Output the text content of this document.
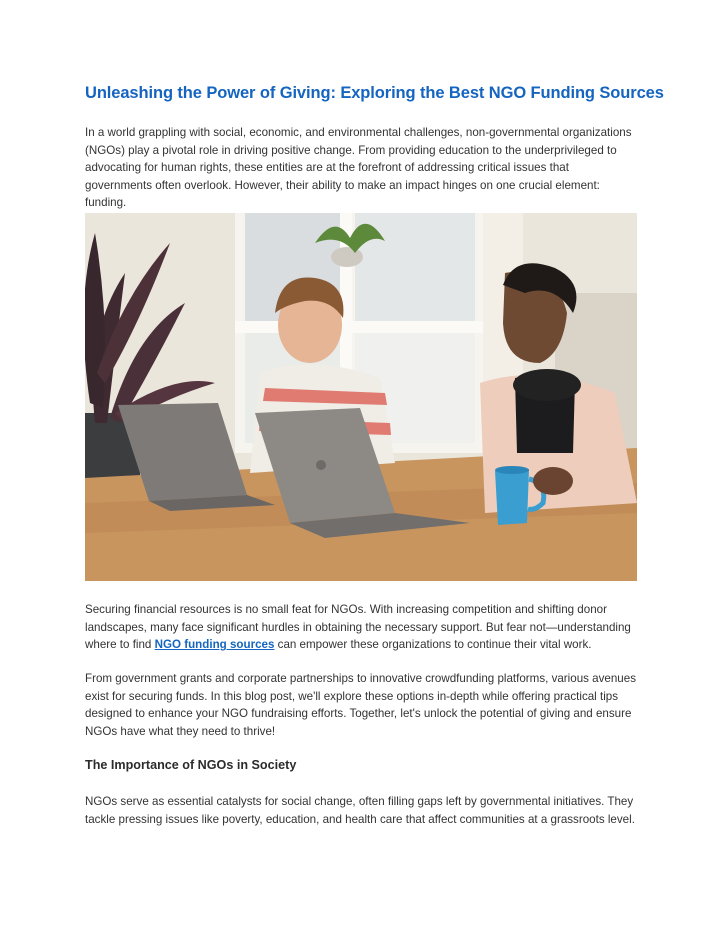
Unleashing the Power of Giving: Exploring the Best NGO Funding Sources

In a world grappling with social, economic, and environmental challenges, non-governmental organizations (NGOs) play a pivotal role in driving positive change. From providing education to the underprivileged to advocating for human rights, these entities are at the forefront of addressing critical issues that governments often overlook. However, their ability to make an impact hinges on one crucial element: funding.

Securing financial resources is no small feat for NGOs. With increasing competition and shifting donor landscapes, many face significant hurdles in obtaining the necessary support. But fear not—understanding where to find NGO funding sources can empower these organizations to continue their vital work.

From government grants and corporate partnerships to innovative crowdfunding platforms, various avenues exist for securing funds. In this blog post, we'll explore these options in-depth while offering practical tips designed to enhance your NGO fundraising efforts. Together, let's unlock the potential of giving and ensure NGOs have what they need to thrive!

The Importance of NGOs in Society

NGOs serve as essential catalysts for social change, often filling gaps left by governmental initiatives. They tackle pressing issues like poverty, education, and health care that affect communities at a grassroots level.
